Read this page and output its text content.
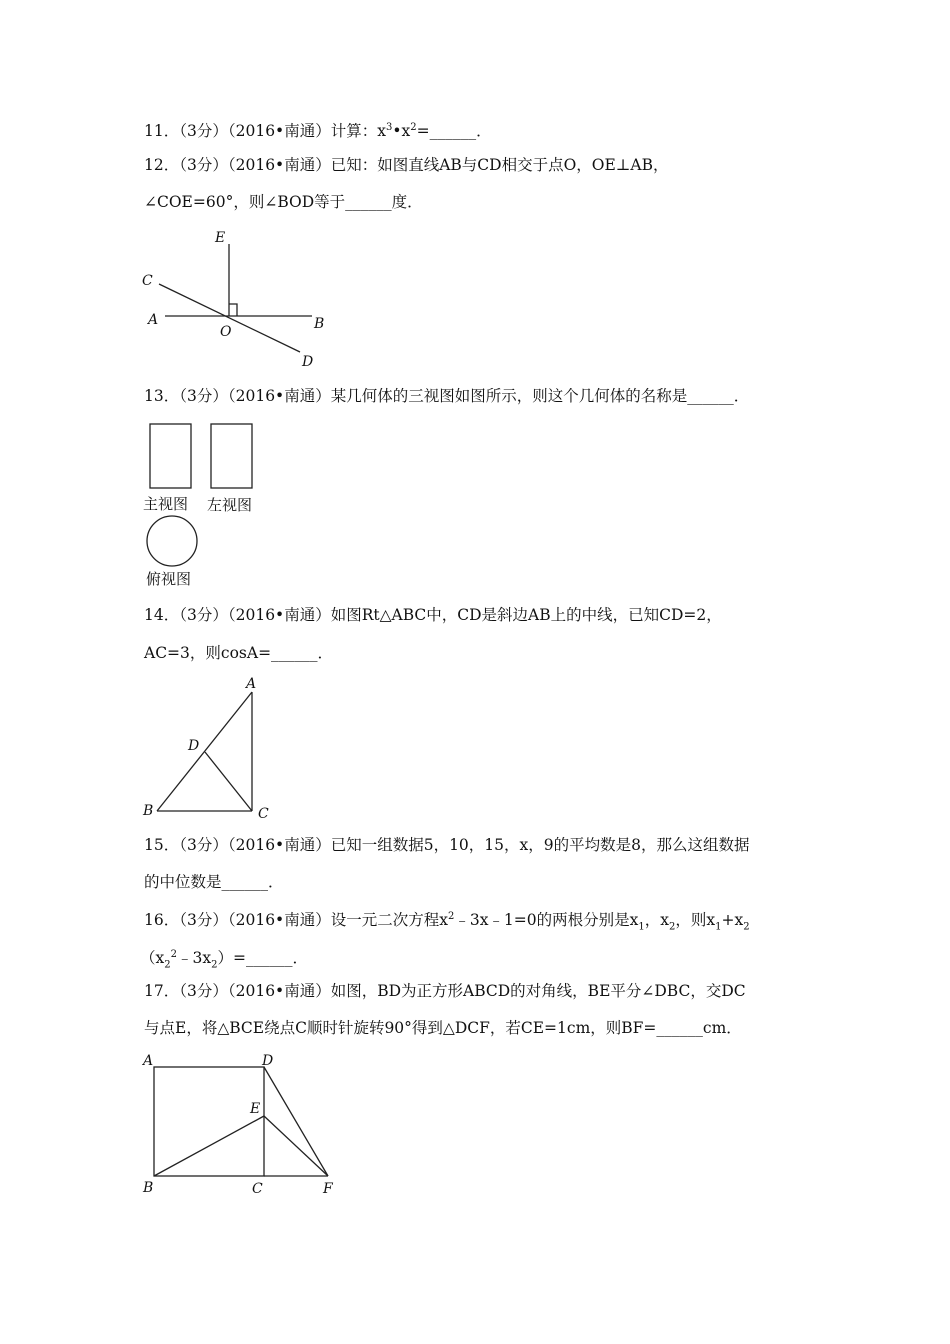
11．（3分）（2016•南通）计算：$x^3•x^2=\_\_\_\_\_\_$．
12．（3分）（2016•南通）已知：如图直线AB与CD相交于点O，OE⊥AB，
∠COE=60°，则∠BOD等于______度．
13．（3分）（2016•南通）某几何体的三视图如图所示，则这个几何体的名称是______．
主视图 左视图
俯视图
14．（3分）（2016•南通）如图Rt△ABC中，CD是斜边AB上的中线，已知CD=2，
AC=3，则cosA=______．
15．（3分）（2016•南通）已知一组数据5，10，15，x，9的平均数是8，那么这组数据
的中位数是______．
16．（3分）（2016•南通）设一元二次方程$x^2﹣3x﹣1=0$的两根分别是$x_1$，$x_2$，则$x_1+x_2$
$(x_2^2﹣3x_2)=\_\_\_\_\_\_$．
17．（3分）（2016•南通）如图，BD为正方形ABCD的对角线，BE平分∠DBC，交DC
与点E，将△BCE绕点C顺时针旋转90°得到△DCF，若CE=1cm，则BF=______cm．
E
C
A
O	B
D
A
D
B	C
A	D
E
B	C	F
